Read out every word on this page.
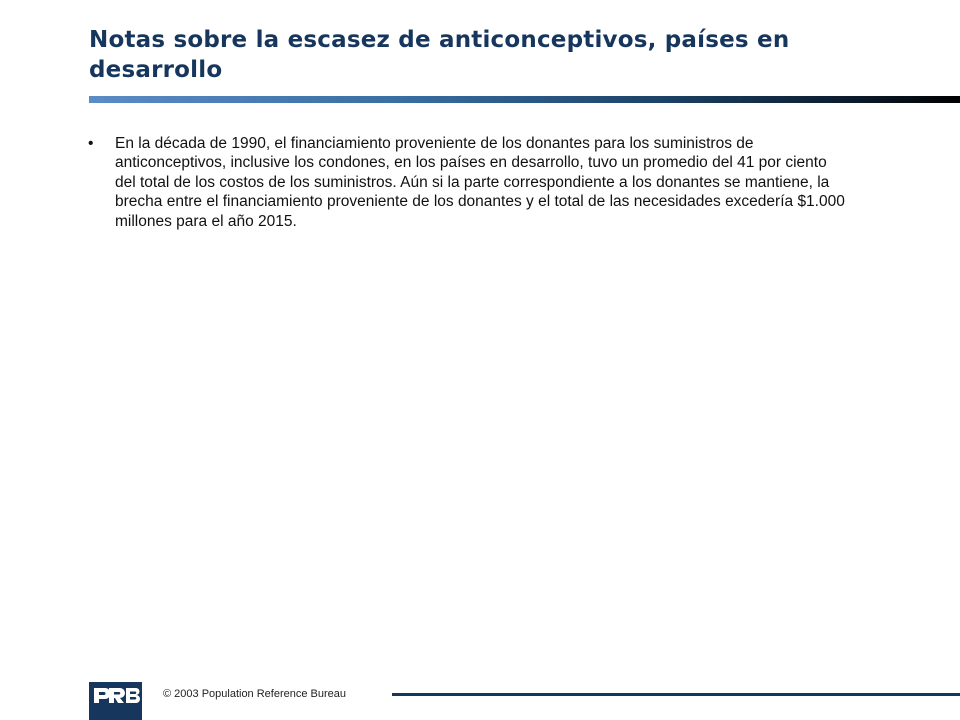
Notas sobre la escasez de anticonceptivos, países en desarrollo
• En la década de 1990, el financiamiento proveniente de los donantes para los suministros de anticonceptivos, inclusive los condones, en los países en desarrollo, tuvo un promedio del 41 por ciento del total de los costos de los suministros. Aún si la parte correspondiente a los donantes se mantiene, la brecha entre el financiamiento proveniente de los donantes y el total de las necesidades excedería $1.000 millones para el año 2015.
© 2003 Population Reference Bureau
